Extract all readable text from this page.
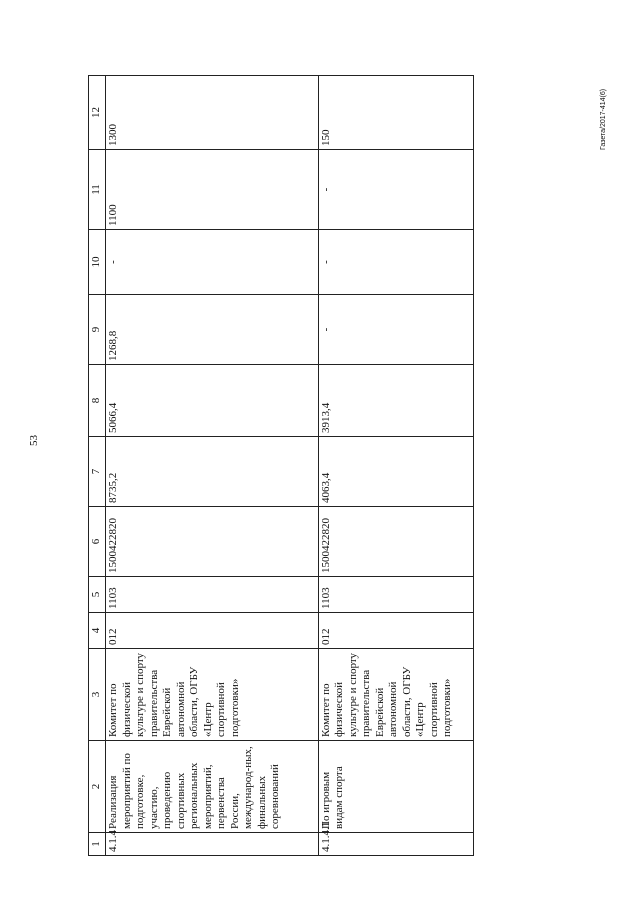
53
Газета/2017-414(6)
1	2	3	4	5	6	7	8	9	10	11	12
4.1.4	Реализация мероприятий по подготовке, участию, проведению спортивных региональных мероприятий, первенства России, международ-ных, финальных соревнований	Комитет по физической культуре и спорту правительства Еврейской автономной области, ОГБУ «Центр спортивной подготовки»	012	1103	1500422820	8735,2	5066,4	1268,8	-	1100	1300
4.1.4.1	По игровым видам спорта	Комитет по физической культуре и спорту правительства Еврейской автономной области, ОГБУ «Центр спортивной подготовки»	012	1103	1500422820	4063,4	3913,4	-	-	-	150
